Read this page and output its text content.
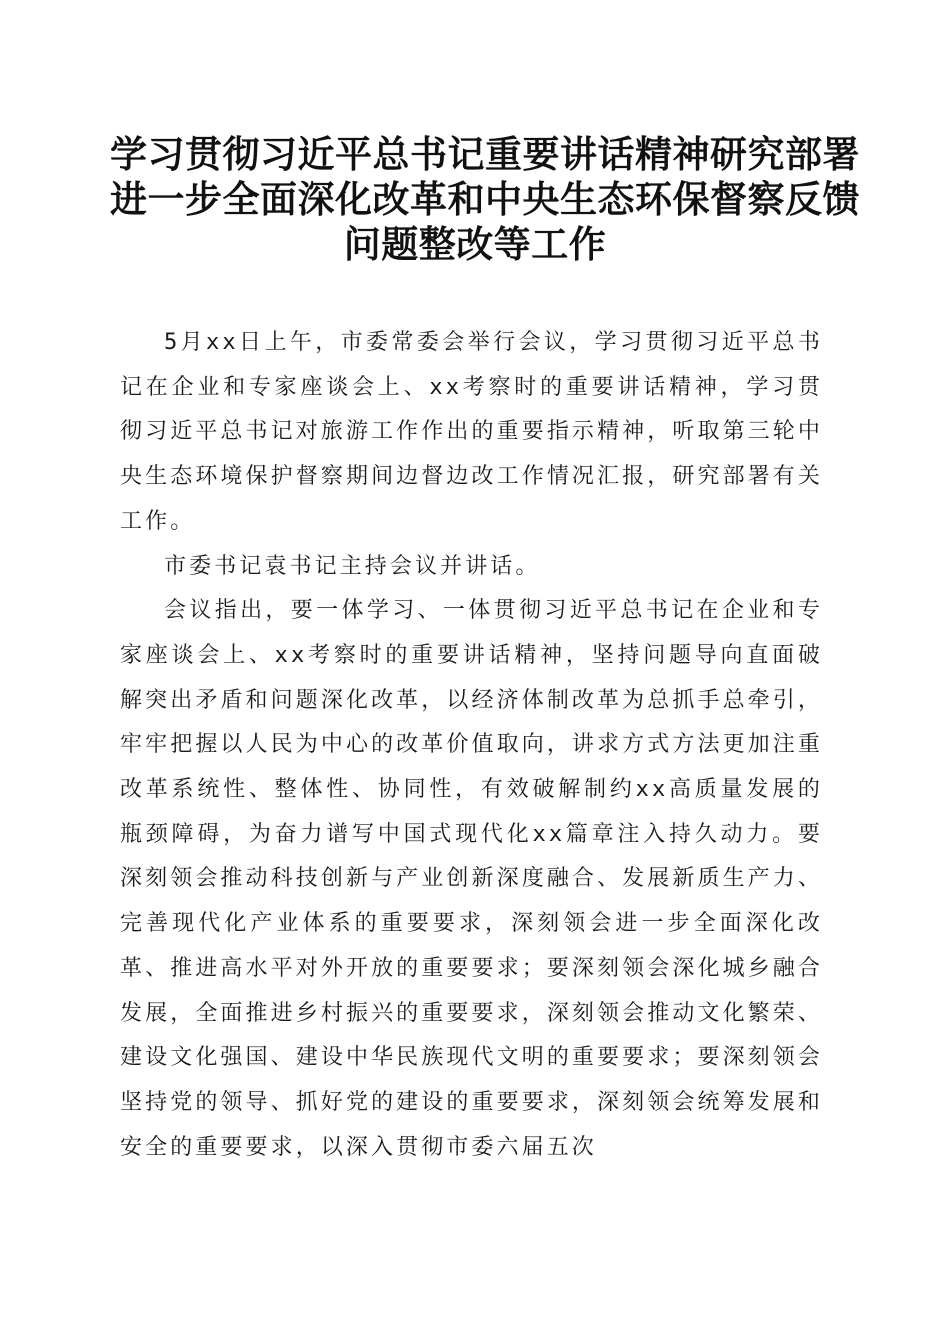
学习贯彻习近平总书记重要讲话精神研究部署
进一步全面深化改革和中央生态环保督察反馈
问题整改等工作

5月xx日上午，市委常委会举行会议，学习贯彻习近平总书记在企业和专家座谈会上、xx考察时的重要讲话精神，学习贯彻习近平总书记对旅游工作作出的重要指示精神，听取第三轮中央生态环境保护督察期间边督边改工作情况汇报，研究部署有关工作。

市委书记袁书记主持会议并讲话。

会议指出，要一体学习、一体贯彻习近平总书记在企业和专家座谈会上、xx考察时的重要讲话精神，坚持问题导向直面破解突出矛盾和问题深化改革，以经济体制改革为总抓手总牵引，牢牢把握以人民为中心的改革价值取向，讲求方式方法更加注重改革系统性、整体性、协同性，有效破解制约xx高质量发展的瓶颈障碍，为奋力谱写中国式现代化xx篇章注入持久动力。要深刻领会推动科技创新与产业创新深度融合、发展新质生产力、完善现代化产业体系的重要要求，深刻领会进一步全面深化改革、推进高水平对外开放的重要要求；要深刻领会深化城乡融合发展，全面推进乡村振兴的重要要求，深刻领会推动文化繁荣、建设文化强国、建设中华民族现代文明的重要要求；要深刻领会坚持党的领导、抓好党的建设的重要要求，深刻领会统筹发展和安全的重要要求，以深入贯彻市委六届五次
